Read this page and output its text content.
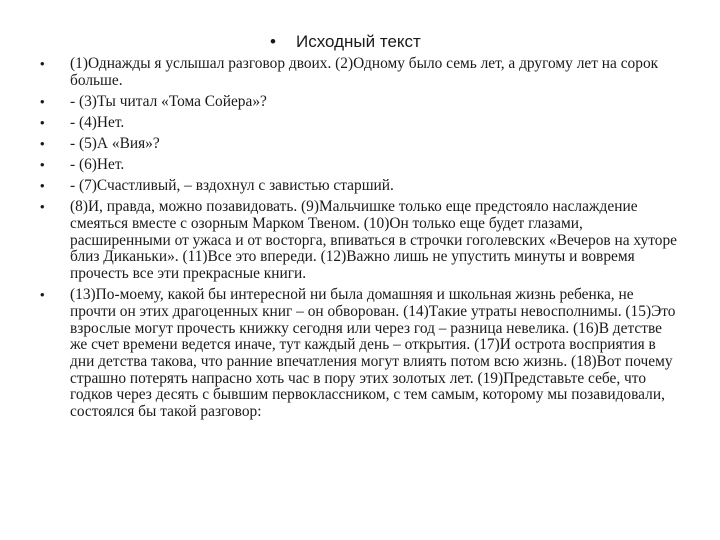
• Исходный текст
• (1)Однажды я услышал разговор двоих. (2)Одному было семь лет, а другому лет на сорок больше.
• - (3)Ты читал «Тома Сойера»?
• - (4)Нет.
• - (5)А «Вия»?
• - (6)Нет.
• - (7)Счастливый, – вздохнул с завистью старший.
• (8)И, правда, можно позавидовать. (9)Мальчишке только еще предстояло наслаждение смеяться вместе с озорным Марком Твеном. (10)Он только еще будет глазами, расширенными от ужаса и от восторга, впиваться в строчки гоголевских «Вечеров на хуторе близ Диканьки». (11)Все это впереди. (12)Важно лишь не упустить минуты и вовремя прочесть все эти прекрасные книги.
• (13)По-моему, какой бы интересной ни была домашняя и школьная жизнь ребенка, не прочти он этих драгоценных книг – он обворован. (14)Такие утраты невосполнимы. (15)Это взрослые могут прочесть книжку сегодня или через год – разница невелика. (16)В детстве же счет времени ведется иначе, тут каждый день – открытия. (17)И острота восприятия в дни детства такова, что ранние впечатления могут влиять потом всю жизнь. (18)Вот почему страшно потерять напрасно хоть час в пору этих золотых лет. (19)Представьте себе, что годков через десять с бывшим первоклассником, с тем самым, которому мы позавидовали, состоялся бы такой разговор:
